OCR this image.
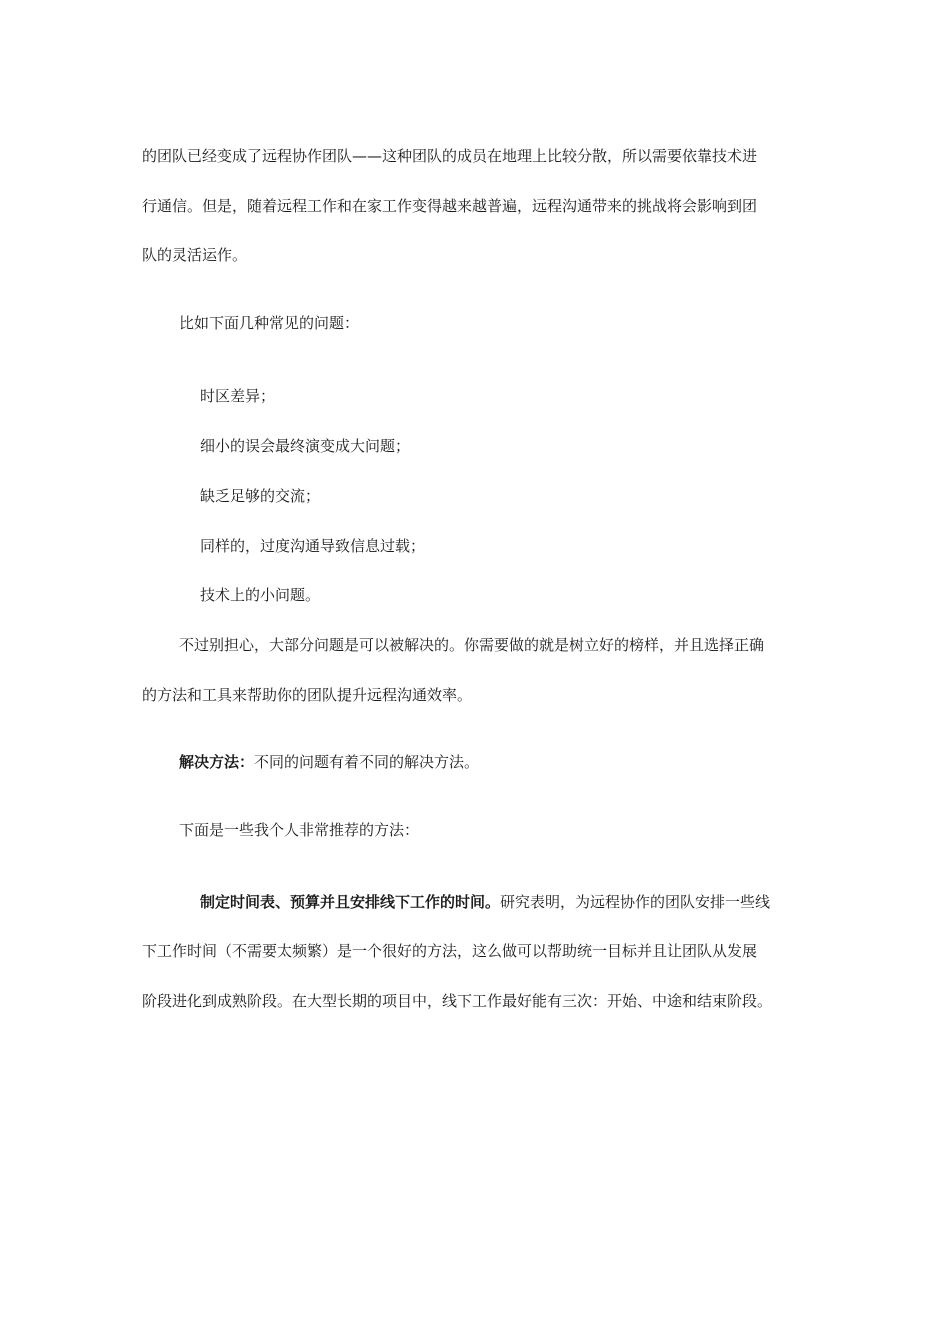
的团队已经变成了远程协作团队——这种团队的成员在地理上比较分散，所以需要依靠技术进
行通信。但是，随着远程工作和在家工作变得越来越普遍，远程沟通带来的挑战将会影响到团
队的灵活运作。
比如下面几种常见的问题：
时区差异；
细小的误会最终演变成大问题；
缺乏足够的交流；
同样的，过度沟通导致信息过载；
技术上的小问题。
不过别担心，大部分问题是可以被解决的。你需要做的就是树立好的榜样，并且选择正确
的方法和工具来帮助你的团队提升远程沟通效率。
解决方法：不同的问题有着不同的解决方法。
下面是一些我个人非常推荐的方法：
制定时间表、预算并且安排线下工作的时间。研究表明，为远程协作的团队安排一些线
下工作时间（不需要太频繁）是一个很好的方法，这么做可以帮助统一目标并且让团队从发展
阶段进化到成熟阶段。在大型长期的项目中，线下工作最好能有三次：开始、中途和结束阶段。
